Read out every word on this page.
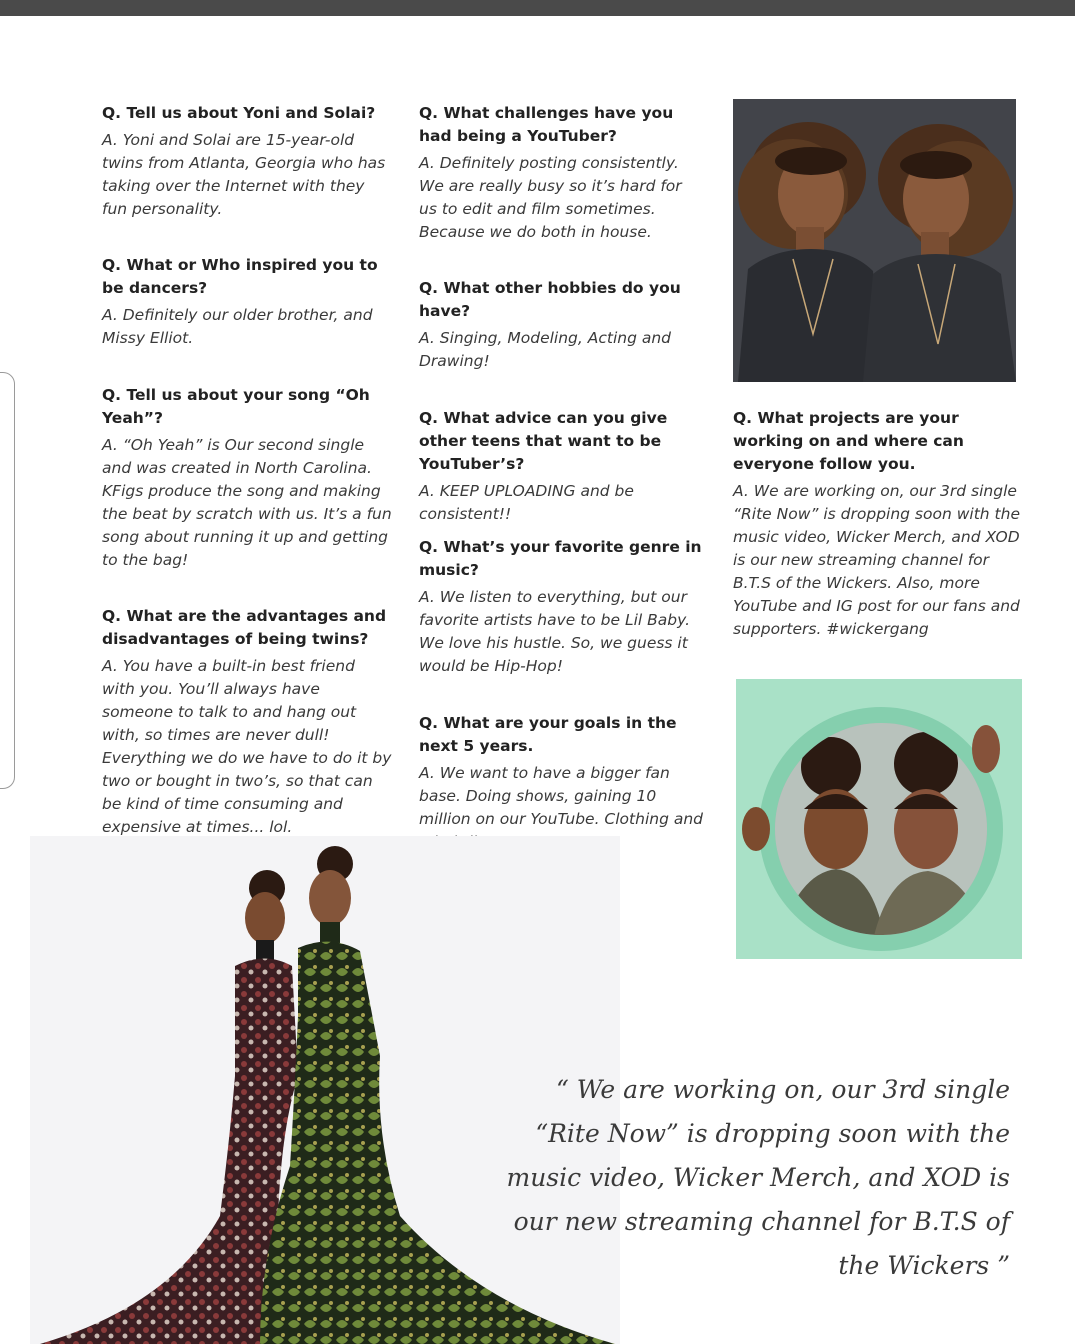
Q. Tell us about Yoni and Solai?

A. Yoni and Solai are 15-year-old twins from Atlanta, Georgia who has taking over the Internet with they fun personality.

Q. What or Who inspired you to be dancers?

A. Definitely our older brother, and Missy Elliot.

Q. Tell us about your song “Oh Yeah”?

A. “Oh Yeah” is Our second single and was created in North Carolina. KFigs produce the song and making the beat by scratch with us. It’s a fun song about running it up and getting to the bag!

Q. What are the advantages and disadvantages of being twins?

A. You have a built-in best friend with you. You’ll always have someone to talk to and hang out with, so times are never dull! Everything we do we have to do it by two or bought in two’s, so that can be kind of time consuming and expensive at times... lol.

Q. What challenges have you had being a YouTuber?

A. Definitely posting consistently. We are really busy so it’s hard for us to edit and film sometimes. Because we do both in house.

Q. What other hobbies do you have?

A. Singing, Modeling, Acting and Drawing!

Q. What advice can you give other teens that want to be YouTuber’s?

A. KEEP UPLOADING and be consistent!!

Q. What’s your favorite genre in music?

A. We listen to everything, but our favorite artists have to be Lil Baby. We love his hustle. So, we guess it would be Hip-Hop!

Q. What are your goals in the next 5 years.

A. We want to have a bigger fan base. Doing shows, gaining 10 million on our YouTube. Clothing and

Q. What projects are your working on and where can everyone follow you.

A. We are working on, our 3rd single “Rite Now” is dropping soon with the music video, Wicker Merch, and XOD is our new streaming channel for B.T.S of the Wickers. Also, more YouTube and IG post for our fans and supporters. #wickergang

“ We are working on, our 3rd single “Rite Now” is dropping soon with the music video, Wicker Merch, and XOD is our new streaming channel for B.T.S of the Wickers ”
